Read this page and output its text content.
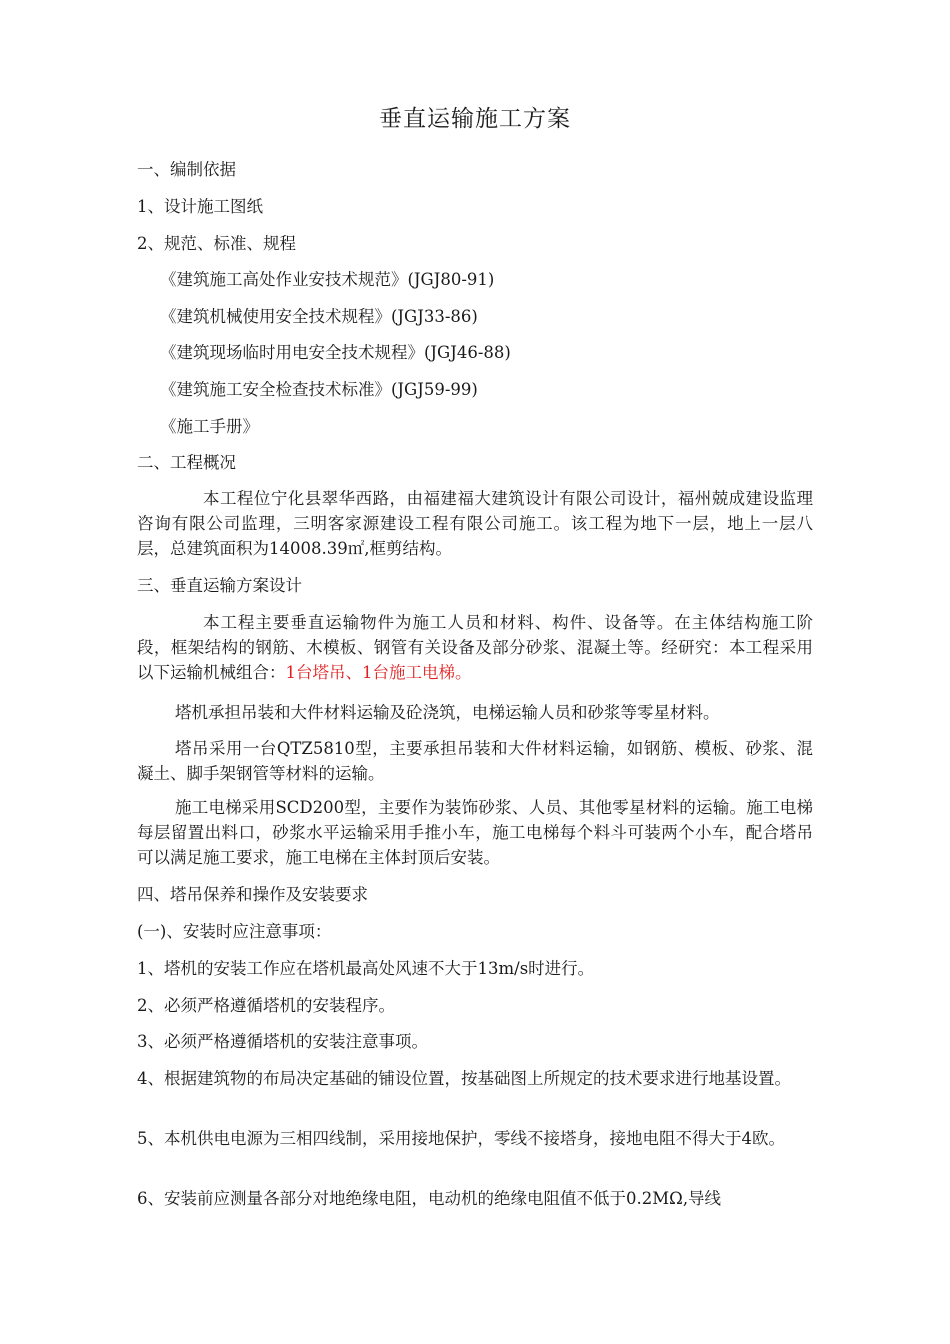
垂直运输施工方案
一、编制依据
1、设计施工图纸
2、规范、标准、规程
《建筑施工高处作业安技术规范》(JGJ80-91)
《建筑机械使用安全技术规程》(JGJ33-86)
《建筑现场临时用电安全技术规程》(JGJ46-88)
《建筑施工安全检查技术标准》(JGJ59-99)
《施工手册》
二、工程概况
本工程位宁化县翠华西路，由福建福大建筑设计有限公司设计，福州兢成建设监理咨询有限公司监理，三明客家源建设工程有限公司施工。该工程为地下一层，地上一层八层，总建筑面积为14008.39㎡,框剪结构。
三、垂直运输方案设计
本工程主要垂直运输物件为施工人员和材料、构件、设备等。在主体结构施工阶段，框架结构的钢筋、木模板、钢管有关设备及部分砂浆、混凝土等。经研究：本工程采用以下运输机械组合：1台塔吊、1台施工电梯。
塔机承担吊装和大件材料运输及砼浇筑，电梯运输人员和砂浆等零星材料。
塔吊采用一台QTZ5810型，主要承担吊装和大件材料运输，如钢筋、模板、砂浆、混凝土、脚手架钢管等材料的运输。
施工电梯采用SCD200型，主要作为装饰砂浆、人员、其他零星材料的运输。施工电梯每层留置出料口，砂浆水平运输采用手推小车，施工电梯每个料斗可装两个小车，配合塔吊可以满足施工要求，施工电梯在主体封顶后安装。
四、塔吊保养和操作及安装要求
(一)、安装时应注意事项：
1、塔机的安装工作应在塔机最高处风速不大于13m/s时进行。
2、必须严格遵循塔机的安装程序。
3、必须严格遵循塔机的安装注意事项。
4、根据建筑物的布局决定基础的铺设位置，按基础图上所规定的技术要求进行地基设置。
5、本机供电电源为三相四线制，采用接地保护，零线不接塔身，接地电阻不得大于4欧。
6、安装前应测量各部分对地绝缘电阻，电动机的绝缘电阻值不低于0.2MΩ,导线
